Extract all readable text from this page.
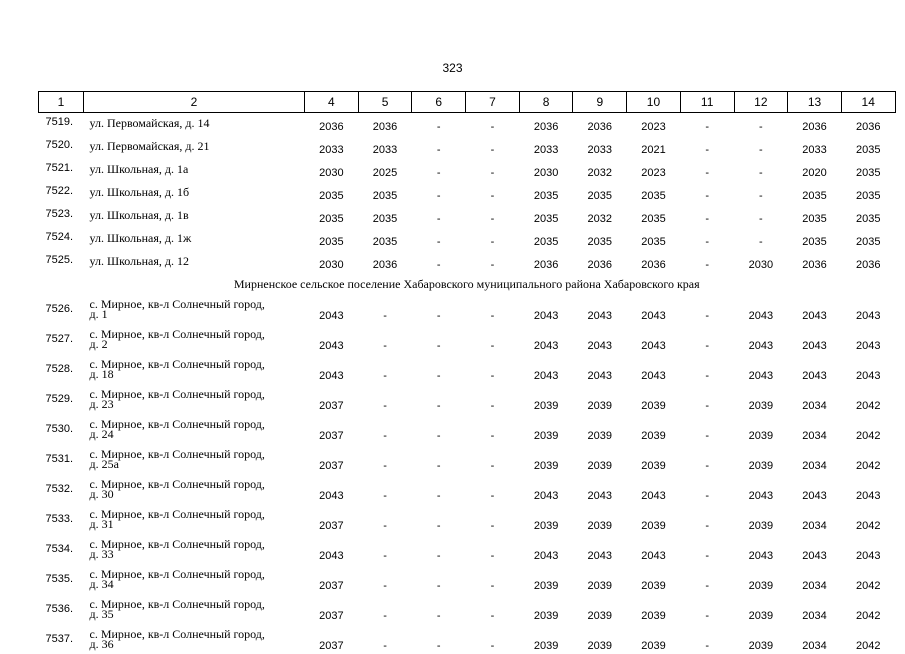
323
1	2	4	5	6	7	8	9	10	11	12	13	14
7519.	ул. Первомайская, д. 14	2036	2036	-	-	2036	2036	2023	-	-	2036	2036
7520.	ул. Первомайская, д. 21	2033	2033	-	-	2033	2033	2021	-	-	2033	2035
7521.	ул. Школьная, д. 1а	2030	2025	-	-	2030	2032	2023	-	-	2020	2035
7522.	ул. Школьная, д. 1б	2035	2035	-	-	2035	2035	2035	-	-	2035	2035
7523.	ул. Школьная, д. 1в	2035	2035	-	-	2035	2032	2035	-	-	2035	2035
7524.	ул. Школьная, д. 1ж	2035	2035	-	-	2035	2035	2035	-	-	2035	2035
7525.	ул. Школьная, д. 12	2030	2036	-	-	2036	2036	2036	-	2030	2036	2036
Мирненское сельское поселение Хабаровского муниципального района Хабаровского края												
7526.	с. Мирное, кв-л Солнечный город,
д. 1	2043	-	-	-	2043	2043	2043	-	2043	2043	2043
7527.	с. Мирное, кв-л Солнечный город,
д. 2	2043	-	-	-	2043	2043	2043	-	2043	2043	2043
7528.	с. Мирное, кв-л Солнечный город,
д. 18	2043	-	-	-	2043	2043	2043	-	2043	2043	2043
7529.	с. Мирное, кв-л Солнечный город,
д. 23	2037	-	-	-	2039	2039	2039	-	2039	2034	2042
7530.	с. Мирное, кв-л Солнечный город,
д. 24	2037	-	-	-	2039	2039	2039	-	2039	2034	2042
7531.	с. Мирное, кв-л Солнечный город,
д. 25а	2037	-	-	-	2039	2039	2039	-	2039	2034	2042
7532.	с. Мирное, кв-л Солнечный город,
д. 30	2043	-	-	-	2043	2043	2043	-	2043	2043	2043
7533.	с. Мирное, кв-л Солнечный город,
д. 31	2037	-	-	-	2039	2039	2039	-	2039	2034	2042
7534.	с. Мирное, кв-л Солнечный город,
д. 33	2043	-	-	-	2043	2043	2043	-	2043	2043	2043
7535.	с. Мирное, кв-л Солнечный город,
д. 34	2037	-	-	-	2039	2039	2039	-	2039	2034	2042
7536.	с. Мирное, кв-л Солнечный город,
д. 35	2037	-	-	-	2039	2039	2039	-	2039	2034	2042
7537.	с. Мирное, кв-л Солнечный город,
д. 36	2037	-	-	-	2039	2039	2039	-	2039	2034	2042
